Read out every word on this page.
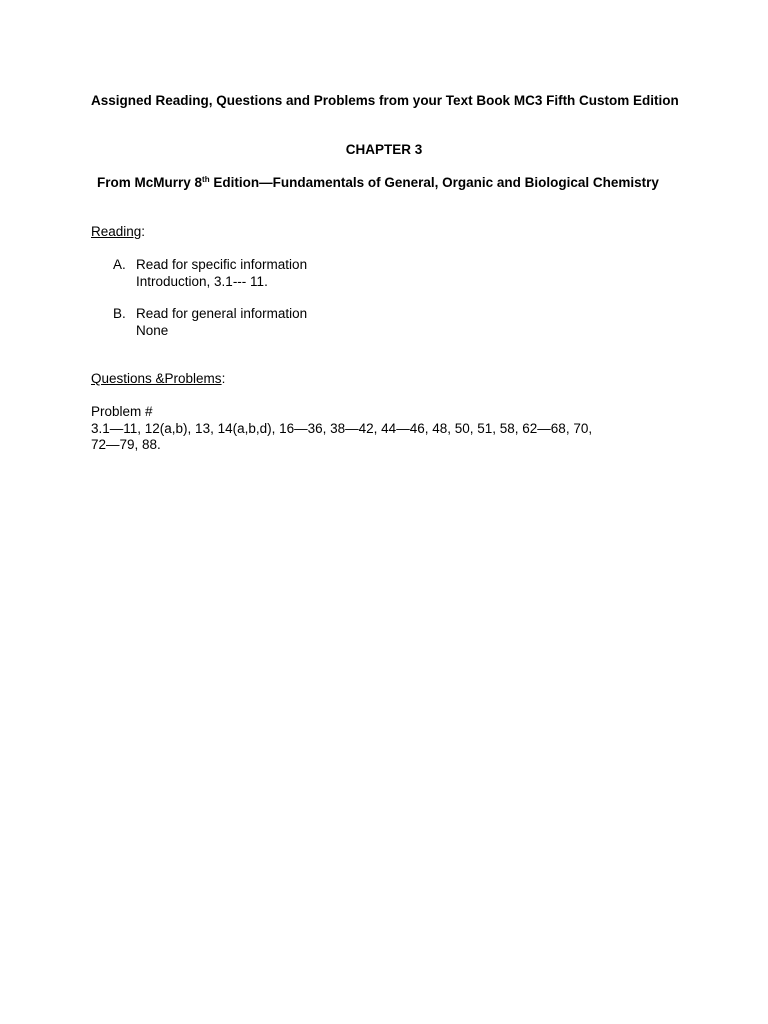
Assigned Reading, Questions and Problems from your Text Book MC3 Fifth Custom Edition
CHAPTER 3
From McMurry 8th Edition—Fundamentals of General, Organic and Biological Chemistry
Reading:
A. Read for specific information
Introduction, 3.1--- 11.
B. Read for general information
None
Questions &Problems:
Problem #
3.1—11, 12(a,b), 13, 14(a,b,d), 16—36, 38—42, 44—46, 48, 50, 51, 58, 62—68, 70,
72—79, 88.
